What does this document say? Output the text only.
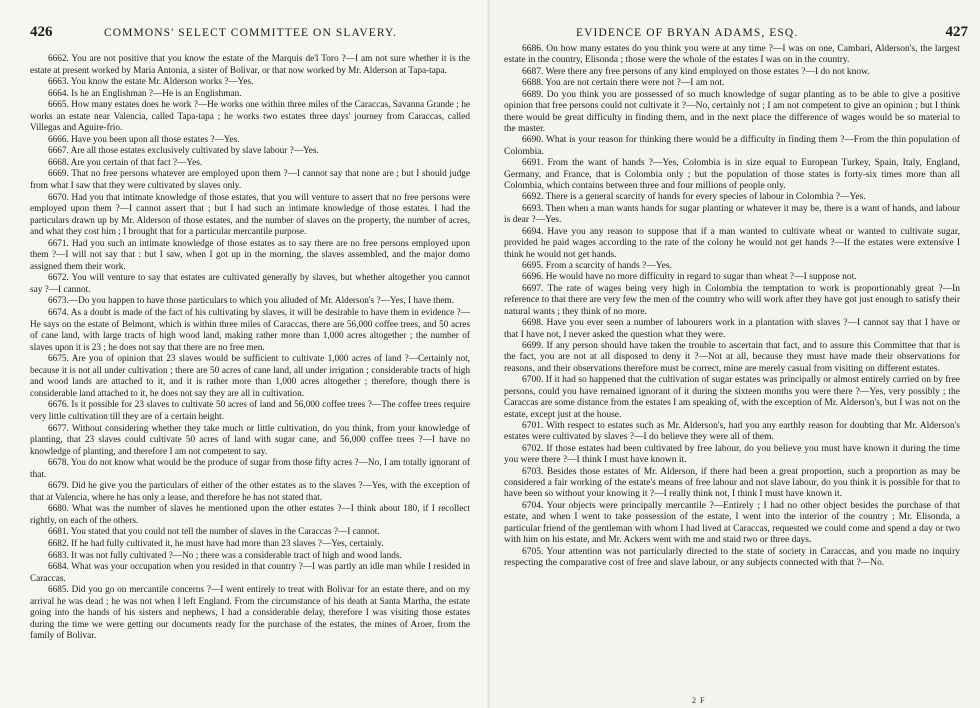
426	COMMONS' SELECT COMMITTEE ON SLAVERY.

6662. You are not positive that you know the estate of the Marquis de'l Toro ?—I am not sure whether it is the estate at present worked by Maria Antonia, a sister of Bolivar, or that now worked by Mr. Alderson at Tapa-tapa.

6663. You know the estate Mr. Alderson works ?—Yes.

6664. Is he an Englishman ?—He is an Englishman.

6665. How many estates does he work ?—He works one within three miles of the Caraccas, Savanna Grande ; he works an estate near Valencia, called Tapa-tapa ; he works two estates three days' journey from Caraccas, called Villegas and Aguire-frio.

6666. Have you been upon all those estates ?—Yes.

6667. Are all those estates exclusively cultivated by slave labour ?—Yes.

6668. Are you certain of that fact ?—Yes.

6669. That no free persons whatever are employed upon them ?—I cannot say that none are ; but I should judge from what I saw that they were cultivated by slaves only.

6670. Had you that intimate knowledge of those estates, that you will venture to assert that no free persons were employed upon them ?—I cannot assert that ; but I had such an intimate knowledge of those estates. I had the particulars drawn up by Mr. Alderson of those estates, and the number of slaves on the property, the number of acres, and what they cost him ; I brought that for a particular mercantile purpose.

6671. Had you such an intimate knowledge of those estates as to say there are no free persons employed upon them ?—I will not say that : but I saw, when I got up in the morning, the slaves assembled, and the major domo assigned them their work.

6672. You will venture to say that estates are cultivated generally by slaves, but whether altogether you cannot say ?—I cannot.

6673.—Do you happen to have those particulars to which you alluded of Mr. Alderson's ?—Yes, I have them.

6674. As a doubt is made of the fact of his cultivating by slaves, it will be desirable to have them in evidence ?—He says on the estate of Belmont, which is within three miles of Caraccas, there are 56,000 coffee trees, and 50 acres of cane land, with large tracts of high wood land, making rather more than 1,000 acres altogether ; the number of slaves upon it is 23 ; he does not say that there are no free men.

6675. Are you of opinion that 23 slaves would be sufficient to cultivate 1,000 acres of land ?—Certainly not, because it is not all under cultivation ; there are 50 acres of cane land, all under irrigation ; considerable tracts of high and wood lands are attached to it, and it is rather more than 1,000 acres altogether ; therefore, though there is considerable land attached to it, he does not say they are all in cultivation.

6676. Is it possible for 23 slaves to cultivate 50 acres of land and 56,000 coffee trees ?—The coffee trees require very little cultivation till they are of a certain height.

6677. Without considering whether they take much or little cultivation, do you think, from your knowledge of planting, that 23 slaves could cultivate 50 acres of land with sugar cane, and 56,000 coffee trees ?—I have no knowledge of planting, and therefore I am not competent to say.

6678. You do not know what would be the produce of sugar from those fifty acres ?—No, I am totally ignorant of that.

6679. Did he give you the particulars of either of the other estates as to the slaves ?—Yes, with the exception of that at Valencia, where he has only a lease, and therefore he has not stated that.

6680. What was the number of slaves he mentioned upon the other estates ?—I think about 180, if I recollect rightly, on each of the others.

6681. You stated that you could not tell the number of slaves in the Caraccas ?—I cannot.

6682. If he had fully cultivated it, he must have had more than 23 slaves ?—Yes, certainly.

6683. It was not fully cultivated ?—No ; there was a considerable tract of high and wood lands.

6684. What was your occupation when you resided in that country ?—I was partly an idle man while I resided in Caraccas.

6685. Did you go on mercantile concerns ?—I went entirely to treat with Bolivar for an estate there, and on my arrival he was dead ; he was not when I left England. From the circumstance of his death at Santa Martha, the estate going into the hands of his sisters and nephews, I had a considerable delay, therefore I was visiting those estates during the time we were getting our documents ready for the purchase of the estates, the mines of Aroer, from the family of Bolivar.

EVIDENCE OF BRYAN ADAMS, ESQ.	427

6686. On how many estates do you think you were at any time ?—I was on one, Cambari, Alderson's, the largest estate in the country, Elisonda ; those were the whole of the estates I was on in the country.

6687. Were there any free persons of any kind employed on those estates ?—I do not know.

6688. You are not certain there were not ?—I am not.

6689. Do you think you are possessed of so much knowledge of sugar planting as to be able to give a positive opinion that free persons could not cultivate it ?—No, certainly not ; I am not competent to give an opinion ; but I think there would be great difficulty in finding them, and in the next place the difference of wages would be so material to the master.

6690. What is your reason for thinking there would be a difficulty in finding them ?—From the thin population of Colombia.

6691. From the want of hands ?—Yes, Colombia is in size equal to European Turkey, Spain, Italy, England, Germany, and France, that is Colombia only ; but the population of those states is forty-six times more than all Colombia, which contains between three and four millions of people only.

6692. There is a general scarcity of hands for every species of labour in Colombia ?—Yes.

6693. Then when a man wants hands for sugar planting or whatever it may be, there is a want of hands, and labour is dear ?—Yes.

6694. Have you any reason to suppose that if a man wanted to cultivate wheat or wanted to cultivate sugar, provided he paid wages according to the rate of the colony he would not get hands ?—If the estates were extensive I think he would not get hands.

6695. From a scarcity of hands ?—Yes.

6696. He would have no more difficulty in regard to sugar than wheat ?—I suppose not.

6697. The rate of wages being very high in Colombia the temptation to work is proportionably great ?—In reference to that there are very few the men of the country who will work after they have got just enough to satisfy their natural wants ; they think of no more.

6698. Have you ever seen a number of labourers work in a plantation with slaves ?—I cannot say that I have or that I have not, I never asked the question what they were.

6699. If any person should have taken the trouble to ascertain that fact, and to assure this Committee that that is the fact, you are not at all disposed to deny it ?—Not at all, because they must have made their observations for reasons, and their observations therefore must be correct, mine are merely casual from visiting on different estates.

6700. If it had so happened that the cultivation of sugar estates was principally or almost entirely carried on by free persons, could you have remained ignorant of it during the sixteen months you were there ?—Yes, very possibly ; the Caraccas are some distance from the estates I am speaking of, with the exception of Mr. Alderson's, but I was not on the estate, except just at the house.

6701. With respect to estates such as Mr. Alderson's, had you any earthly reason for doubting that Mr. Alderson's estates were cultivated by slaves ?—I do believe they were all of them.

6702. If those estates had been cultivated by free labour, do you believe you must have known it during the time you were there ?—I think I must have known it.

6703. Besides those estates of Mr. Alderson, if there had been a great proportion, such a proportion as may be considered a fair working of the estate's means of free labour and not slave labour, do you think it is possible for that to have been so without your knowing it ?—I really think not, I think I must have known it.

6704. Your objects were principally mercantile ?—Entirely ; I had no other object besides the purchase of that estate, and when I went to take possession of the estate, I went into the interior of the country ; Mr. Elisonda, a particular friend of the gentleman with whom I had lived at Caraccas, requested we could come and spend a day or two with him on his estate, and Mr. Ackers went with me and staid two or three days.

6705. Your attention was not particularly directed to the state of society in Caraccas, and you made no inquiry respecting the comparative cost of free and slave labour, or any subjects connected with that ?—No.

2 F
